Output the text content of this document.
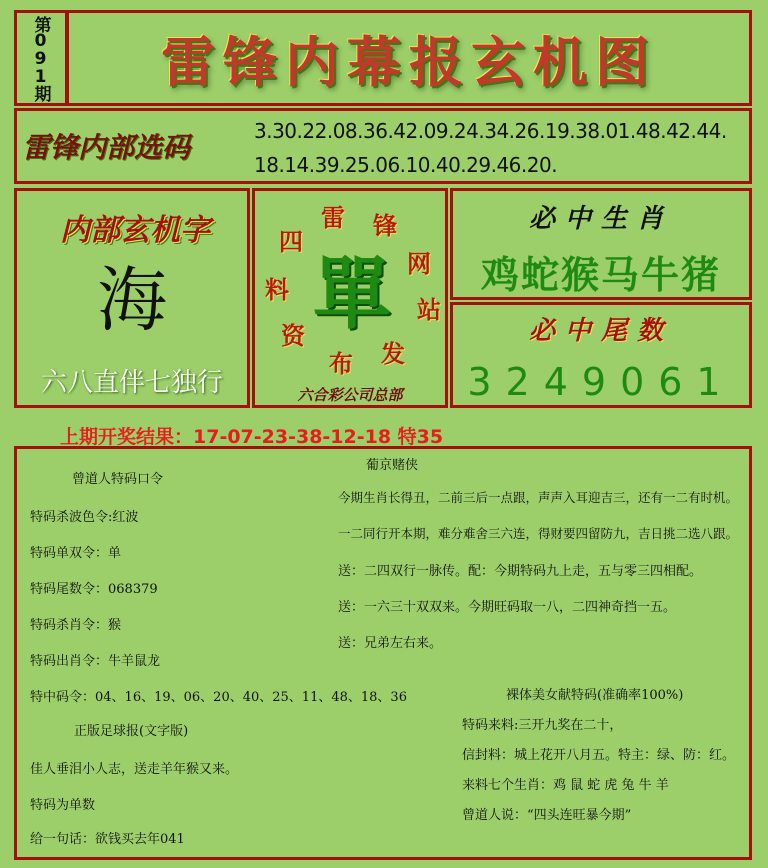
第091期	雷锋内幕报玄机图
雷锋内部选码	3.30.22.08.36.42.09.24.34.26.19.38.01.48.42.44.
18.14.39.25.06.10.40.29.46.20.
内部玄机字
海
六八直伴七独行
雷 锋
网
站
发
布
资
料
四
單
六合彩公司总部
必中生肖
鸡蛇猴马牛猪
必中尾数
3249061
上期开奖结果：17-07-23-38-12-18 特35
曾道人特码口令
特码杀波色令:红波
特码单双令：单
特码尾数令：068379
特码杀肖令：猴
特码出肖令：牛羊鼠龙
特中码令：04、16、19、06、20、40、25、11、48、18、36
正版足球报(文字版)
佳人垂泪小人志，送走羊年猴又来。
特码为单数
给一句话：欲钱买去年041
葡京赌侠
今期生肖长得丑，二前三后一点跟，声声入耳迎吉三，还有一二有时机。
一二同行开本期，难分难舍三六连，得财要四留防九，吉日挑二选八跟。
送：二四双行一脉传。配：今期特码九上走，五与零三四相配。
送：一六三十双双来。今期旺码取一八，二四神奇挡一五。
送：兄弟左右来。
裸体美女献特码(准确率100%)
特码来料:三开九奖在二十，
信封料：城上花开八月五。特主：绿、防：红。
来料七个生肖：鸡 鼠 蛇 虎 兔 牛 羊
曾道人说：“四头连旺暴今期”
